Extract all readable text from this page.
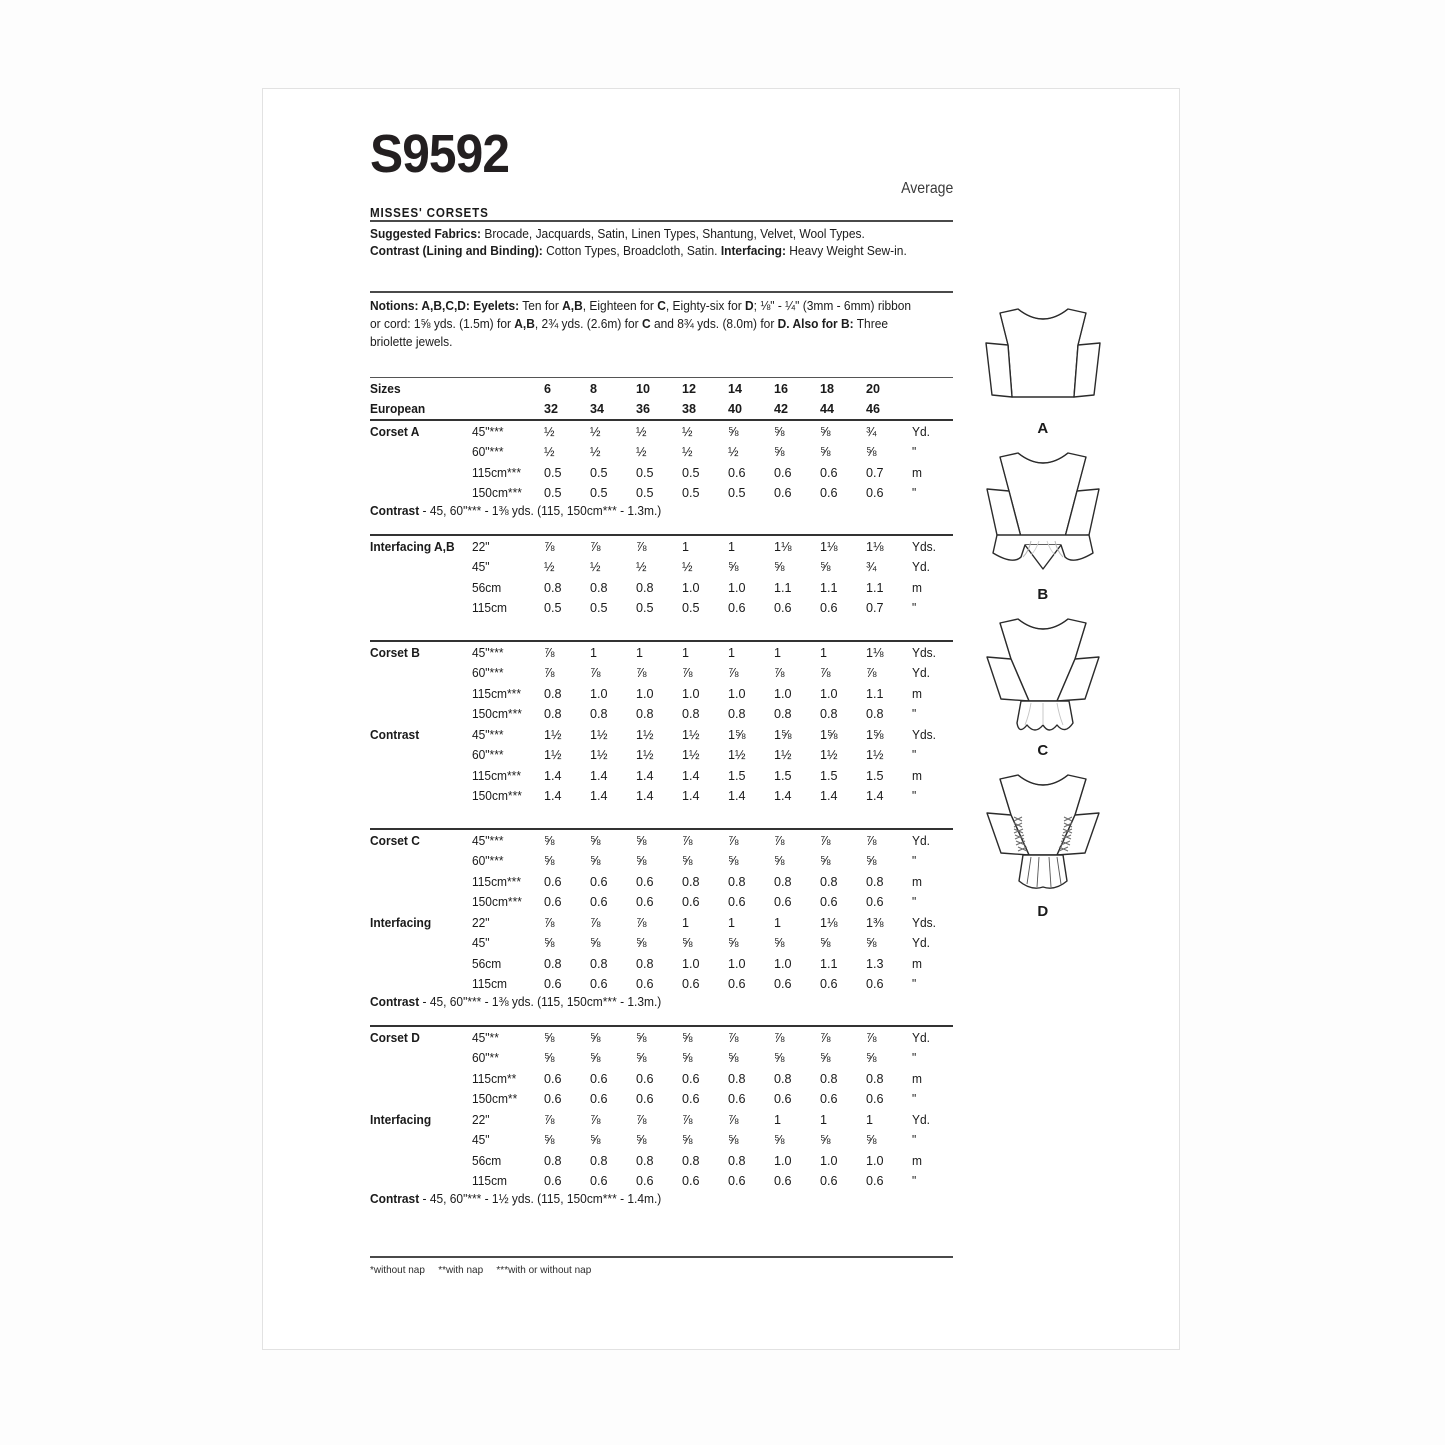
S9592
Average
MISSES' CORSETS
Suggested Fabrics: Brocade, Jacquards, Satin, Linen Types, Shantung, Velvet, Wool Types.
Contrast (Lining and Binding): Cotton Types, Broadcloth, Satin. Interfacing: Heavy Weight Sew-in.
Notions: A,B,C,D: Eyelets: Ten for A,B, Eighteen for C, Eighty-six for D; ⅛" - ¼" (3mm - 6mm) ribbon or cord: 1⅝ yds. (1.5m) for A,B, 2¾ yds. (2.6m) for C and 8¾ yds. (8.0m) for D. Also for B: Three briolette jewels.
Sizes		6	8	10	12	14	16	18	20	
European		32	34	36	38	40	42	44	46	
Corset A	45"***	½	½	½	½	⅝	⅝	⅝	¾	Yd.
	60"***	½	½	½	½	½	⅝	⅝	⅝	"
	115cm***	0.5	0.5	0.5	0.5	0.6	0.6	0.6	0.7	m
	150cm***	0.5	0.5	0.5	0.5	0.5	0.6	0.6	0.6	"
Contrast - 45, 60"*** - 1⅜ yds. (115, 150cm*** - 1.3m.)
Interfacing A,B	22"	⅞	⅞	⅞	1	1	1⅛	1⅛	1⅛	Yds.
	45"	½	½	½	½	⅝	⅝	⅝	¾	Yd.
	56cm	0.8	0.8	0.8	1.0	1.0	1.1	1.1	1.1	m
	115cm	0.5	0.5	0.5	0.5	0.6	0.6	0.6	0.7	"
Corset B	45"***	⅞	1	1	1	1	1	1	1⅛	Yds.
	60"***	⅞	⅞	⅞	⅞	⅞	⅞	⅞	⅞	Yd.
	115cm***	0.8	1.0	1.0	1.0	1.0	1.0	1.0	1.1	m
	150cm***	0.8	0.8	0.8	0.8	0.8	0.8	0.8	0.8	"
Contrast	45"***	1½	1½	1½	1½	1⅝	1⅝	1⅝	1⅝	Yds.
	60"***	1½	1½	1½	1½	1½	1½	1½	1½	"
	115cm***	1.4	1.4	1.4	1.4	1.5	1.5	1.5	1.5	m
	150cm***	1.4	1.4	1.4	1.4	1.4	1.4	1.4	1.4	"
Corset C	45"***	⅝	⅝	⅝	⅞	⅞	⅞	⅞	⅞	Yd.
	60"***	⅝	⅝	⅝	⅝	⅝	⅝	⅝	⅝	"
	115cm***	0.6	0.6	0.6	0.8	0.8	0.8	0.8	0.8	m
	150cm***	0.6	0.6	0.6	0.6	0.6	0.6	0.6	0.6	"
Interfacing	22"	⅞	⅞	⅞	1	1	1	1⅛	1⅜	Yds.
	45"	⅝	⅝	⅝	⅝	⅝	⅝	⅝	⅝	Yd.
	56cm	0.8	0.8	0.8	1.0	1.0	1.0	1.1	1.3	m
	115cm	0.6	0.6	0.6	0.6	0.6	0.6	0.6	0.6	"
Contrast - 45, 60"*** - 1⅜ yds. (115, 150cm*** - 1.3m.)
Corset D	45"**	⅝	⅝	⅝	⅝	⅞	⅞	⅞	⅞	Yd.
	60"**	⅝	⅝	⅝	⅝	⅝	⅝	⅝	⅝	"
	115cm**	0.6	0.6	0.6	0.6	0.8	0.8	0.8	0.8	m
	150cm**	0.6	0.6	0.6	0.6	0.6	0.6	0.6	0.6	"
Interfacing	22"	⅞	⅞	⅞	⅞	⅞	1	1	1	Yd.
	45"	⅝	⅝	⅝	⅝	⅝	⅝	⅝	⅝	"
	56cm	0.8	0.8	0.8	0.8	0.8	1.0	1.0	1.0	m
	115cm	0.6	0.6	0.6	0.6	0.6	0.6	0.6	0.6	"
Contrast - 45, 60"*** - 1½ yds. (115, 150cm*** - 1.4m.)
*without nap **with nap ***with or without nap
A
B
C
D
